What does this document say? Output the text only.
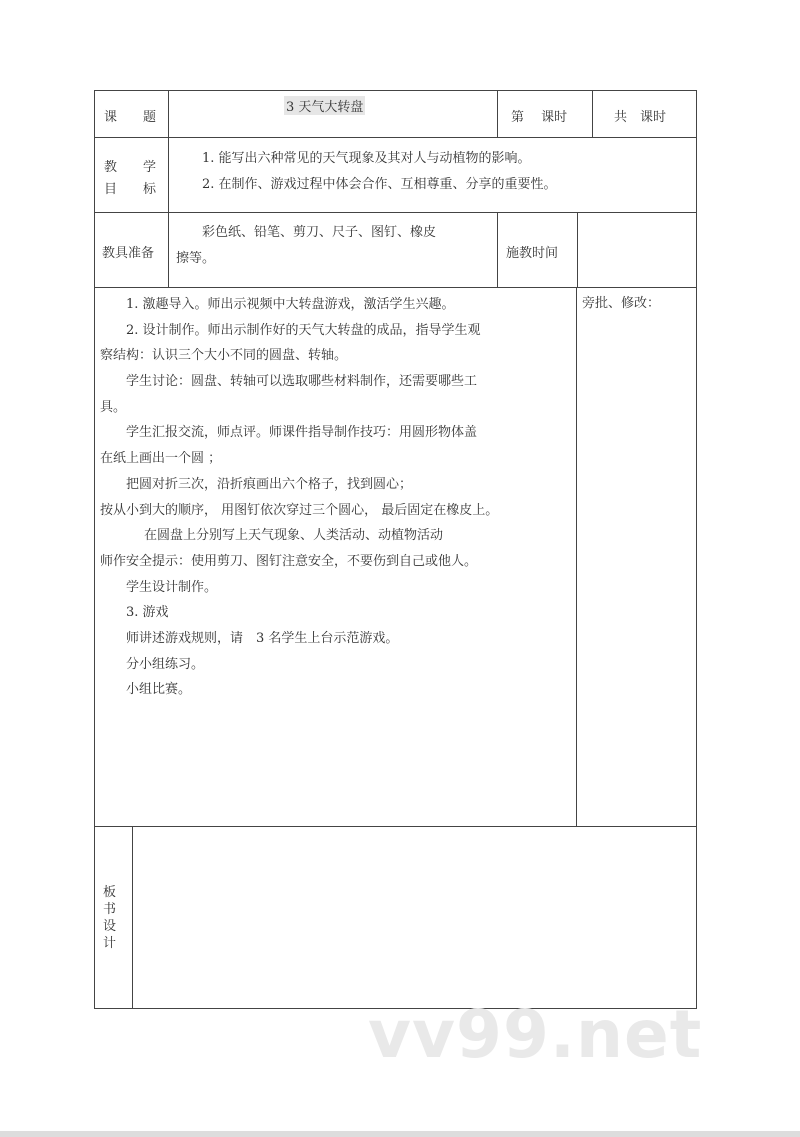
课　　题
3 天气大转盘
第　 课时	共　课时
教　　学
目　　标
1. 能写出六种常见的天气现象及其对人与动植物的影响。
2. 在制作、游戏过程中体会合作、互相尊重、分享的重要性。
教具准备
彩色纸、铅笔、剪刀、尺子、图钉、橡皮
擦等。	施教时间
1. 激趣导入。师出示视频中大转盘游戏，激活学生兴趣。
2. 设计制作。师出示制作好的天气大转盘的成品，指导学生观
察结构：认识三个大小不同的圆盘、转轴。
学生讨论：圆盘、转轴可以选取哪些材料制作，还需要哪些工
具。
学生汇报交流，师点评。师课件指导制作技巧：用圆形物体盖
在纸上画出一个圆 ；
把圆对折三次，沿折痕画出六个格子，找到圆心；
按从小到大的顺序， 用图钉依次穿过三个圆心， 最后固定在橡皮上。
在圆盘上分别写上天气现象、人类活动、动植物活动
师作安全提示：使用剪刀、图钉注意安全，不要伤到自己或他人。
学生设计制作。
3. 游戏
师讲述游戏规则，请　3 名学生上台示范游戏。
分小组练习。
小组比赛。
旁批、修改：
板书设计
vv99.net
